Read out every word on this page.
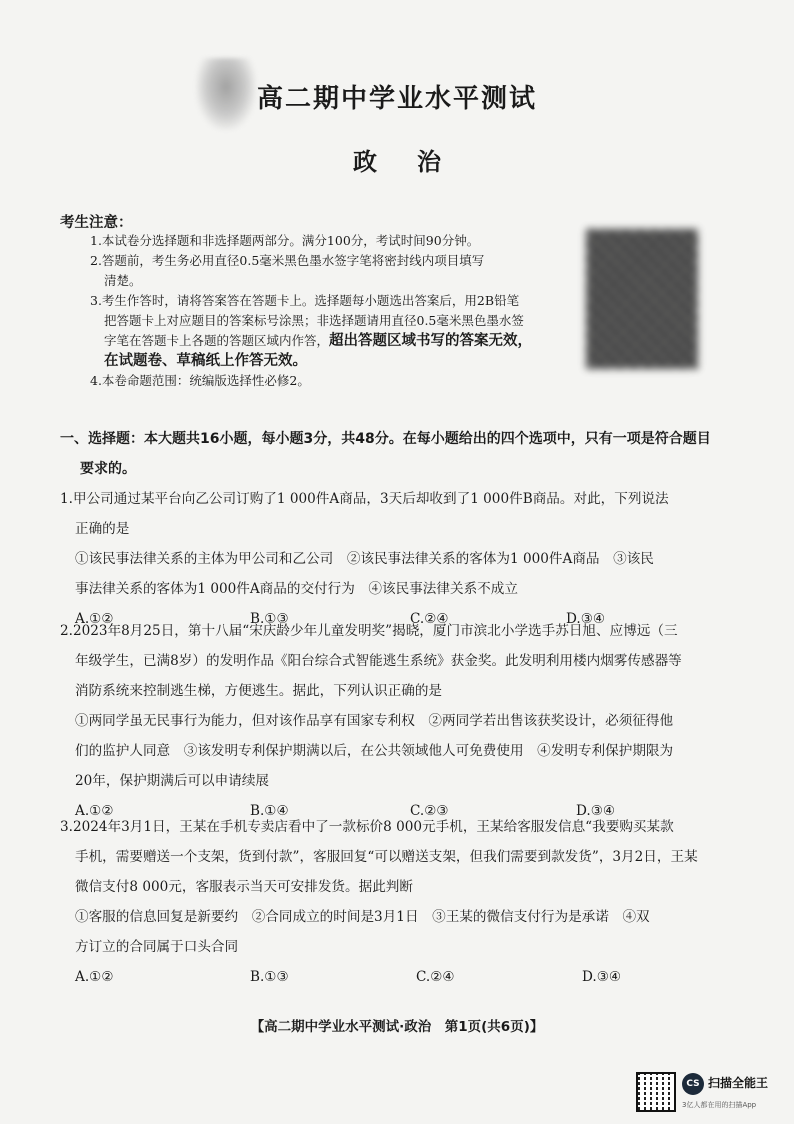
高二期中学业水平测试
政治
考生注意：

1.本试卷分选择题和非选择题两部分。满分100分，考试时间90分钟。

2.答题前，考生务必用直径0.5毫米黑色墨水签字笔将密封线内项目填写
清楚。

3.考生作答时，请将答案答在答题卡上。选择题每小题选出答案后，用2B铅笔
把答题卡上对应题目的答案标号涂黑；非选择题请用直径0.5毫米黑色墨水签
字笔在答题卡上各题的答题区域内作答，超出答题区域书写的答案无效，
在试题卷、草稿纸上作答无效。

4.本卷命题范围：统编版选择性必修2。

一、选择题：本大题共16小题，每小题3分，共48分。在每小题给出的四个选项中，只有一项是符合题目
要求的。

1.甲公司通过某平台向乙公司订购了1 000件A商品，3天后却收到了1 000件B商品。对此，下列说法

正确的是

①该民事法律关系的主体为甲公司和乙公司　②该民事法律关系的客体为1 000件A商品　③该民

事法律关系的客体为1 000件A商品的交付行为　④该民事法律关系不成立

A.①②	B.①③	C.②④	D.③④

2.2023年8月25日，第十八届“宋庆龄少年儿童发明奖”揭晓，厦门市滨北小学选手苏日旭、应博远（三

年级学生，已满8岁）的发明作品《阳台综合式智能逃生系统》获金奖。此发明利用楼内烟雾传感器等

消防系统来控制逃生梯，方便逃生。据此，下列认识正确的是

①两同学虽无民事行为能力，但对该作品享有国家专利权　②两同学若出售该获奖设计，必须征得他

们的监护人同意　③该发明专利保护期满以后，在公共领域他人可免费使用　④发明专利保护期限为

20年，保护期满后可以申请续展

A.①②	B.①④	C.②③	D.③④

3.2024年3月1日，王某在手机专卖店看中了一款标价8 000元手机，王某给客服发信息“我要购买某款

手机，需要赠送一个支架，货到付款”，客服回复“可以赠送支架，但我们需要到款发货”，3月2日，王某

微信支付8 000元，客服表示当天可安排发货。据此判断

①客服的信息回复是新要约　②合同成立的时间是3月1日　③王某的微信支付行为是承诺　④双

方订立的合同属于口头合同

A.①②	B.①③	C.②④	D.③④
【高二期中学业水平测试·政治　第1页(共6页)】
CS 扫描全能王
3亿人都在用的扫描App
